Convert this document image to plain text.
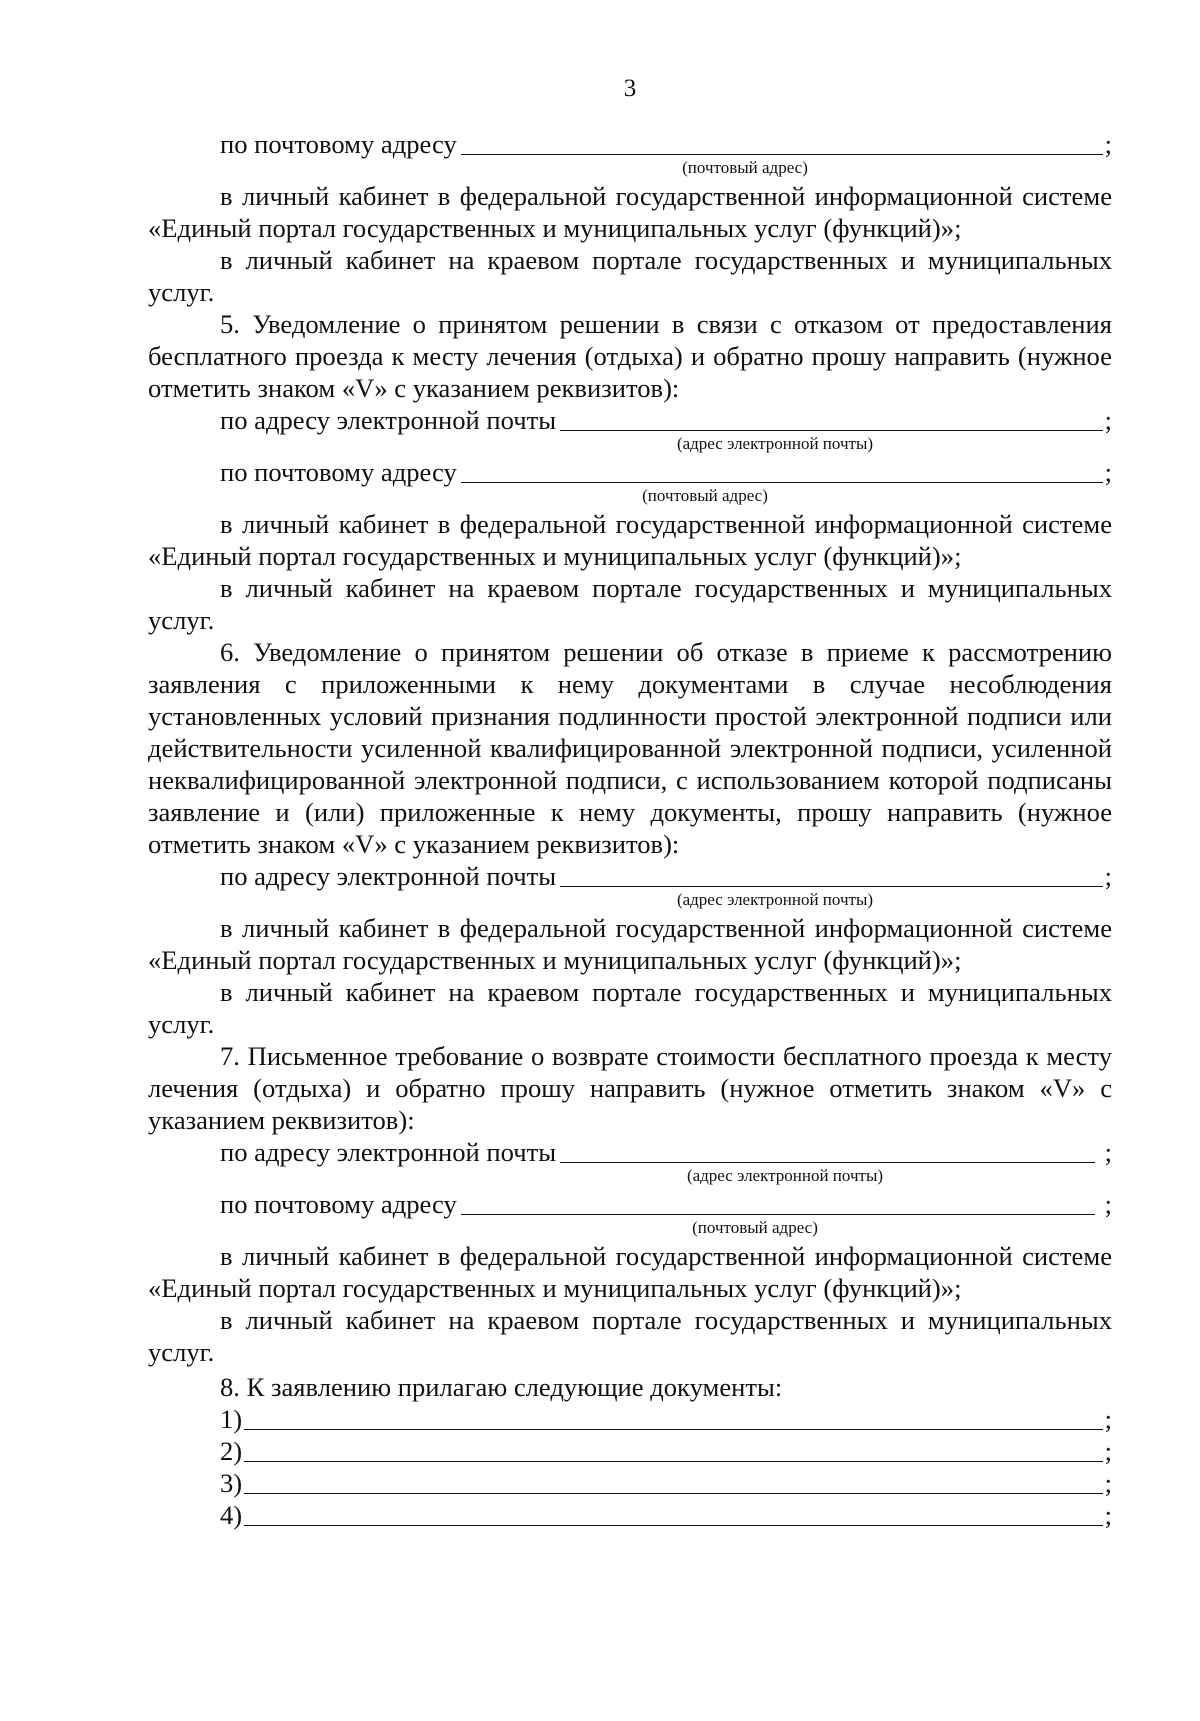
3
по почтовому адресу	;
(почтовый адрес)

в личный кабинет в федеральной государственной информационной системе «Единый портал государственных и муниципальных услуг (функций)»;

в личный кабинет на краевом портале государственных и муниципальных услуг.

5. Уведомление о принятом решении в связи с отказом от предоставления бесплатного проезда к месту лечения (отдыха) и обратно прошу направить (нужное отметить знаком «V» с указанием реквизитов):

по адресу электронной почты	;
(адрес электронной почты)
по почтовому адресу	;
(почтовый адрес)

в личный кабинет в федеральной государственной информационной системе «Единый портал государственных и муниципальных услуг (функций)»;

в личный кабинет на краевом портале государственных и муниципальных услуг.

6. Уведомление о принятом решении об отказе в приеме к рассмотрению заявления с приложенными к нему документами в случае несоблюдения установленных условий признания подлинности простой электронной подписи или действительности усиленной квалифицированной электронной подписи, усиленной неквалифицированной электронной подписи, с использованием которой подписаны заявление и (или) приложенные к нему документы, прошу направить (нужное отметить знаком «V» с указанием реквизитов):

по адресу электронной почты	;
(адрес электронной почты)

в личный кабинет в федеральной государственной информационной системе «Единый портал государственных и муниципальных услуг (функций)»;

в личный кабинет на краевом портале государственных и муниципальных услуг.

7. Письменное требование о возврате стоимости бесплатного проезда к месту лечения (отдыха) и обратно прошу направить (нужное отметить знаком «V» с указанием реквизитов):

по адресу электронной почты	;
(адрес электронной почты)
по почтовому адресу	;
(почтовый адрес)

в личный кабинет в федеральной государственной информационной системе «Единый портал государственных и муниципальных услуг (функций)»;

в личный кабинет на краевом портале государственных и муниципальных услуг.

8. К заявлению прилагаю следующие документы:

1)	;
2)	;
3)	;
4)	;
